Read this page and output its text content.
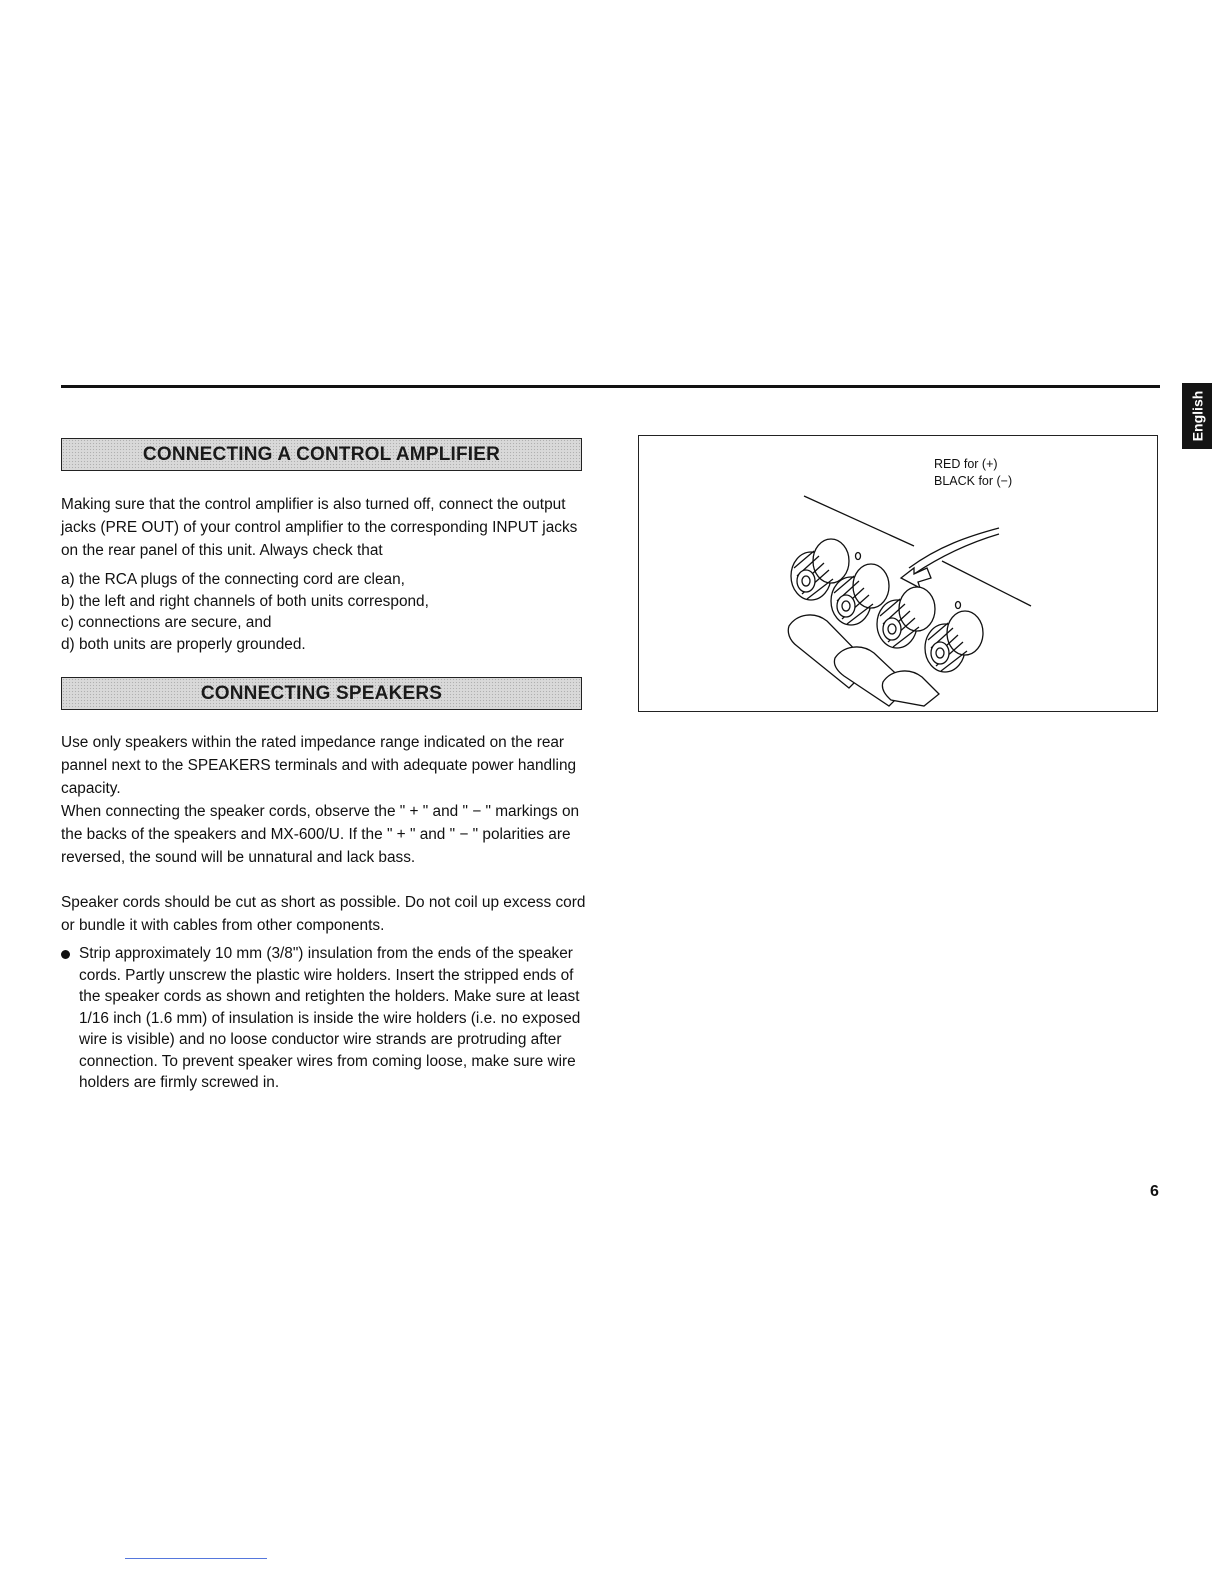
English
CONNECTING A CONTROL AMPLIFIER

Making sure that the control amplifier is also turned off, connect the output jacks (PRE OUT) of your control amplifier to the corresponding INPUT jacks on the rear panel of this unit. Always check that

a) the RCA plugs of the connecting cord are clean,
b) the left and right channels of both units correspond,
c) connections are secure, and
d) both units are properly grounded.
CONNECTING SPEAKERS

Use only speakers within the rated impedance range indicated on the rear pannel next to the SPEAKERS terminals and with adequate power handling capacity.

When connecting the speaker cords, observe the " + " and " − " markings on the backs of the speakers and MX-600/U. If the " + " and " − " polarities are reversed, the sound will be unnatural and lack bass.

Speaker cords should be cut as short as possible. Do not coil up excess cord or bundle it with cables from other components.

Strip approximately 10 mm (3/8") insulation from the ends of the speaker cords. Partly unscrew the plastic wire holders. Insert the stripped ends of the speaker cords as shown and retighten the holders. Make sure at least 1/16 inch (1.6 mm) of insulation is inside the wire holders (i.e. no exposed wire is visible) and no loose conductor wire strands are protruding after connection. To prevent speaker wires from coming loose, make sure wire holders are firmly screwed in.
RED for (+)
BLACK for (−)
6
